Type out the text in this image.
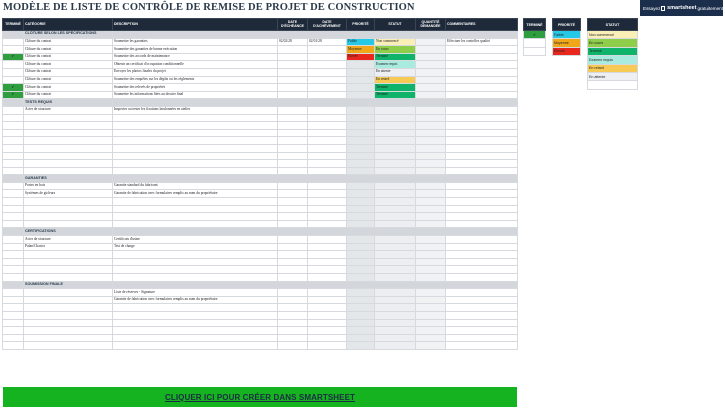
MODÈLE DE LISTE DE CONTRÔLE DE REMISE DE PROJET DE CONSTRUCTION	Essayez smartsheet gratuitement
TERMINÉ	CATÉGORIE	DESCRIPTION	DATE D'ÉCHÉANCE	DATE D'ACHÈVEMENT	PRIORITÉ	STATUT	QUANTITÉ DEMANDÉE	COMMENTAIRES
	CLÔTURE SELON LES SPÉCIFICATIONS							
	Clôture du contrat	Soumettre les garanties	02/02/28	02/01/28	Faible	Non commencé		Effectuer les contrôles qualité
	Clôture du contrat	Soumettre des garanties de bonne exécution			Moyenne	En cours		
✔	Clôture du contrat	Soumettre des accords de maintenance			Élevée	Terminé		
	Clôture du contrat	Obtenir un certificat d'occupation conditionnelle				Examen requis		
	Clôture du contrat	Envoyer les photos finales du projet				En attente		
	Clôture du contrat	Soumettre des enquêtes sur les dégâts ou les règlements				En retard		
✔	Clôture du contrat	Soumettre des relevés de propriétés				Terminé		
✔	Clôture du contrat	Soumettre les informations liées au dossier final				Terminé		
	TESTS REQUIS							
	Acier de structure	Inspecter ou tester les fixations boulonnées en atelier						

	GARANTIES							
	Portes en bois	Garantie standard du fabricant						
	Systèmes de gicleurs	Garantie de fabrication avec formulaires remplis au nom du propriétaire						

	CERTIFICATIONS							
	Acier de structure	Certificats d'usine						
	Palan/Chariot	Test de charge						

	SOUMISSION FINALE							
		Liste de réserves - Signature						
		Garantie de fabrication avec formulaires remplis au nom du propriétaire						

CLIQUER ICI POUR CRÉER DANS SMARTSHEET
TERMINÉ
✔

PRIORITÉ
Faible
Moyenne
Élevée
STATUT
Non commencé
En cours
Terminé
Examen requis
En retard
En attente
